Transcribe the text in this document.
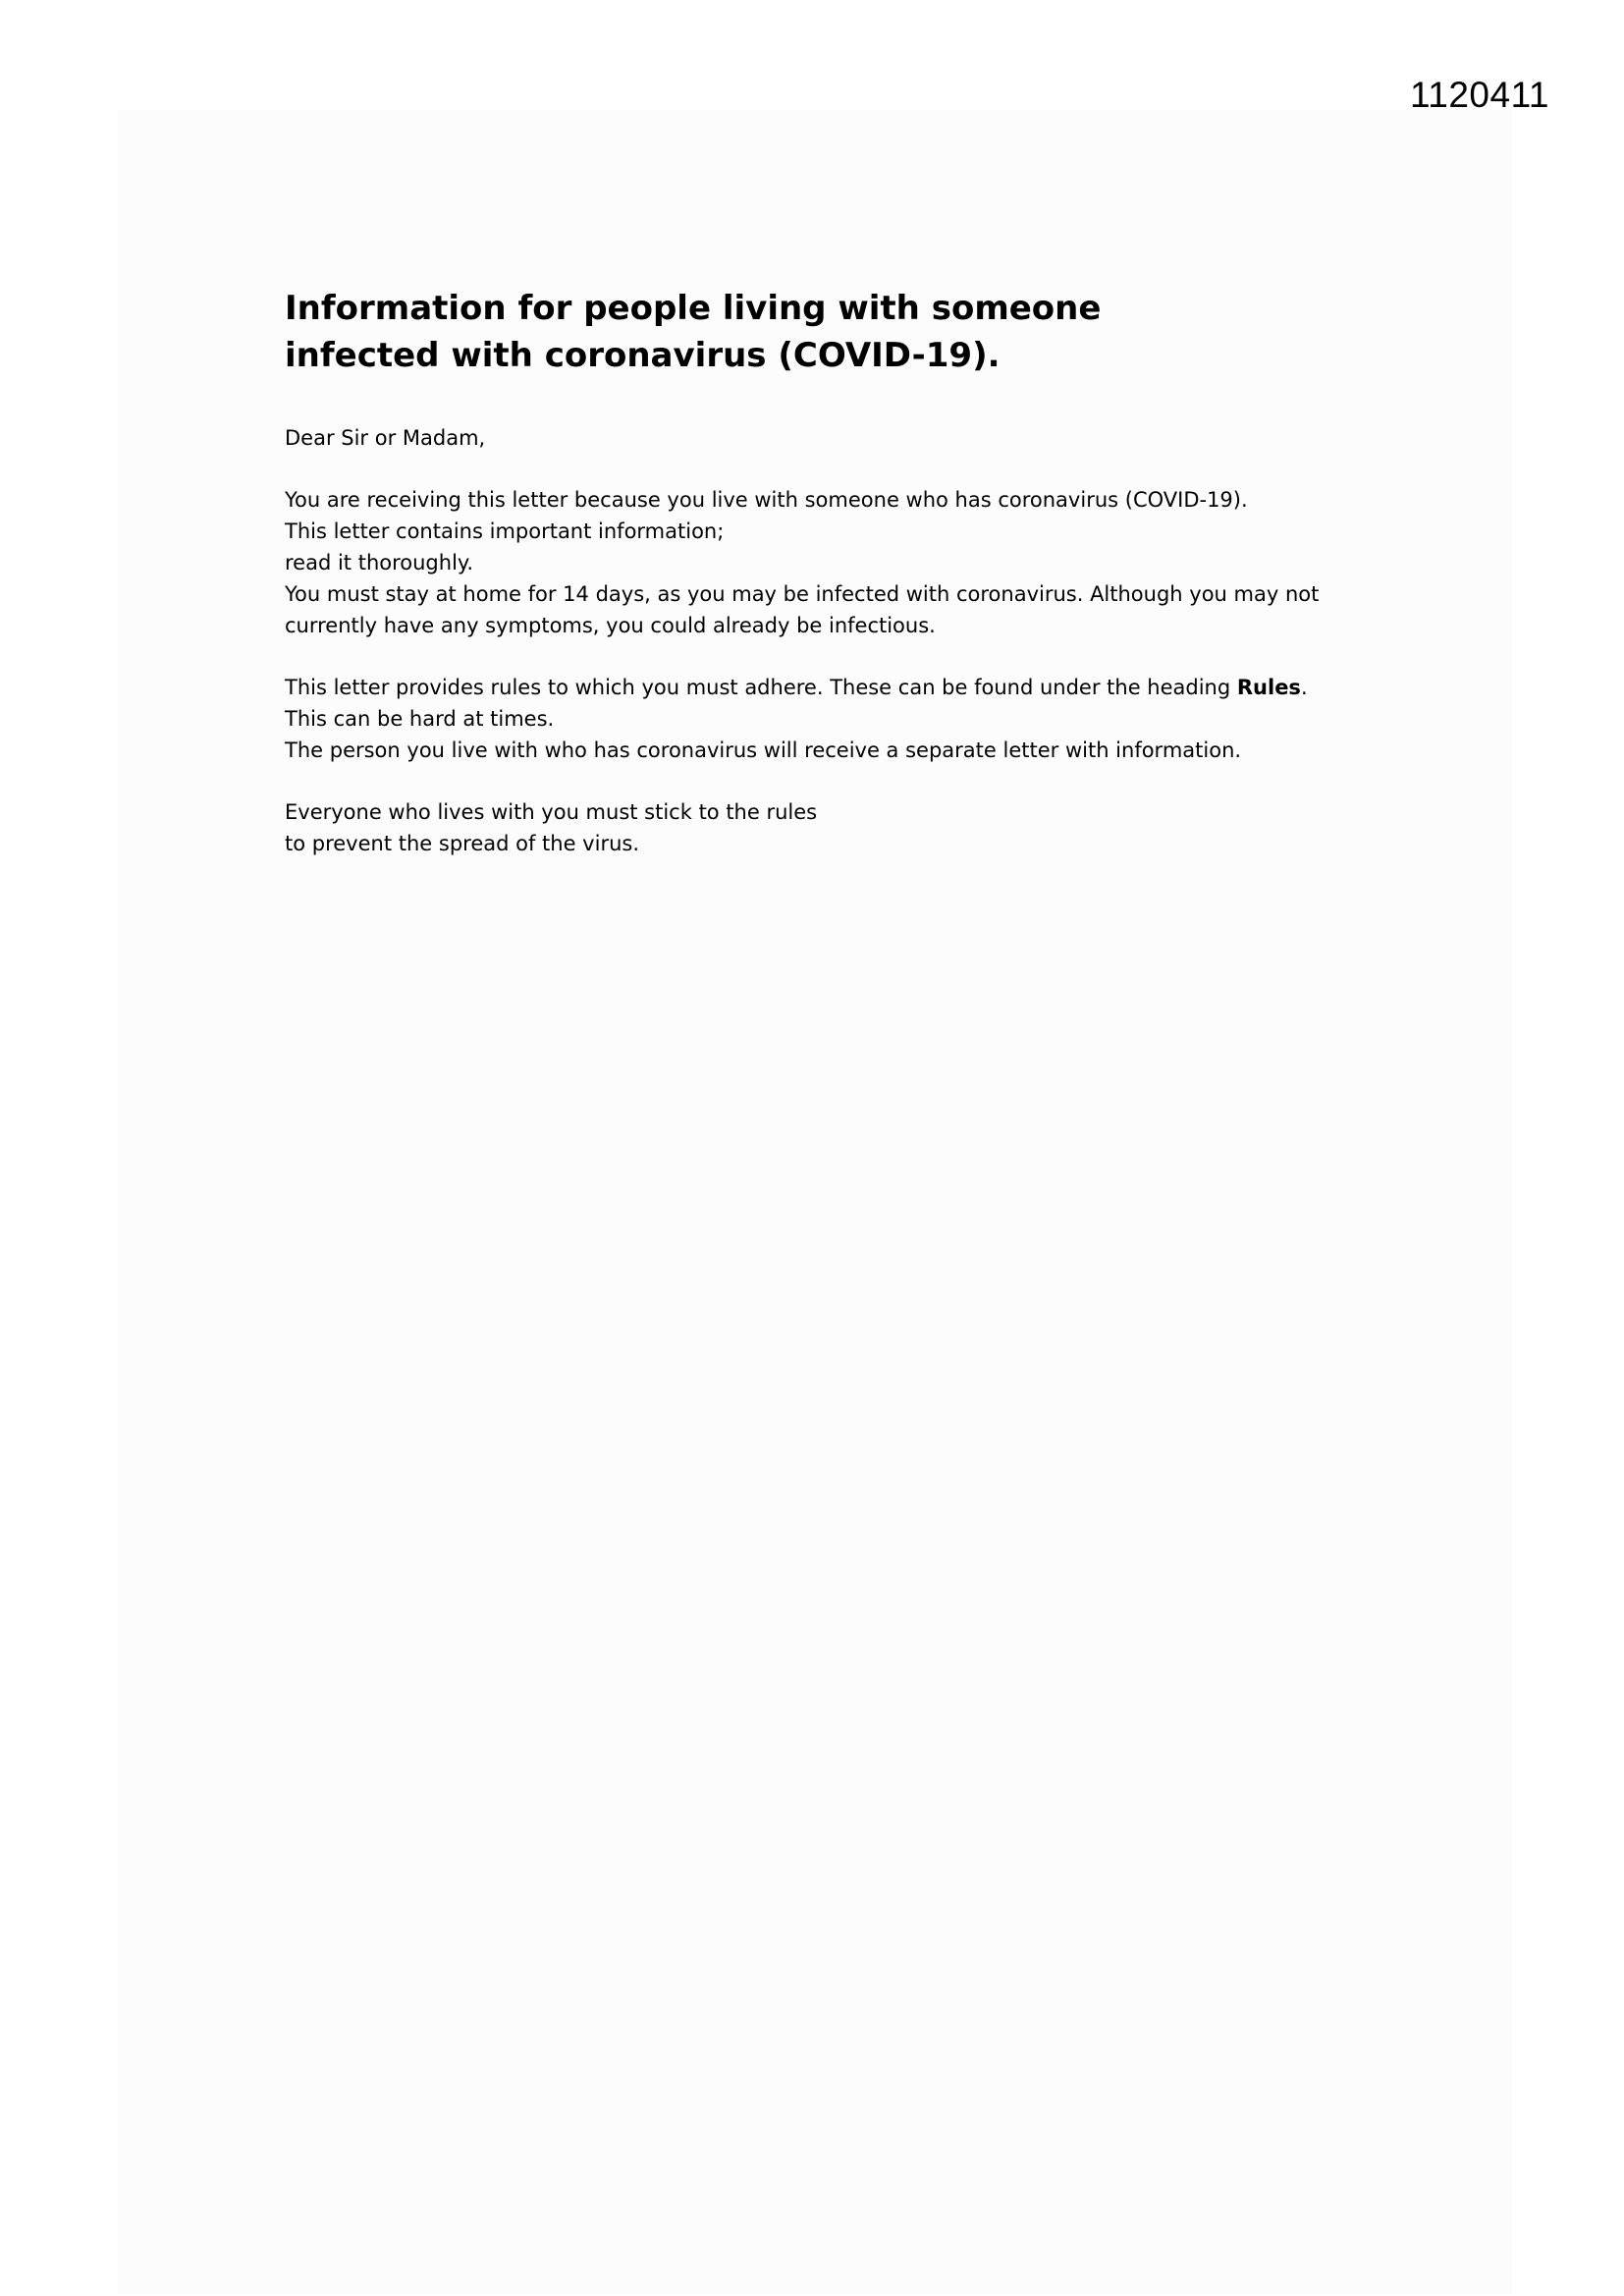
1120411
Information for people living with someone infected with coronavirus (COVID-19).

Dear Sir or Madam,

You are receiving this letter because you live with someone who has coronavirus (COVID-19).
This letter contains important information;
read it thoroughly.
You must stay at home for 14 days, as you may be infected with coronavirus. Although you may not
currently have any symptoms, you could already be infectious.

This letter provides rules to which you must adhere. These can be found under the heading Rules.
This can be hard at times.
The person you live with who has coronavirus will receive a separate letter with information.

Everyone who lives with you must stick to the rules
to prevent the spread of the virus.
